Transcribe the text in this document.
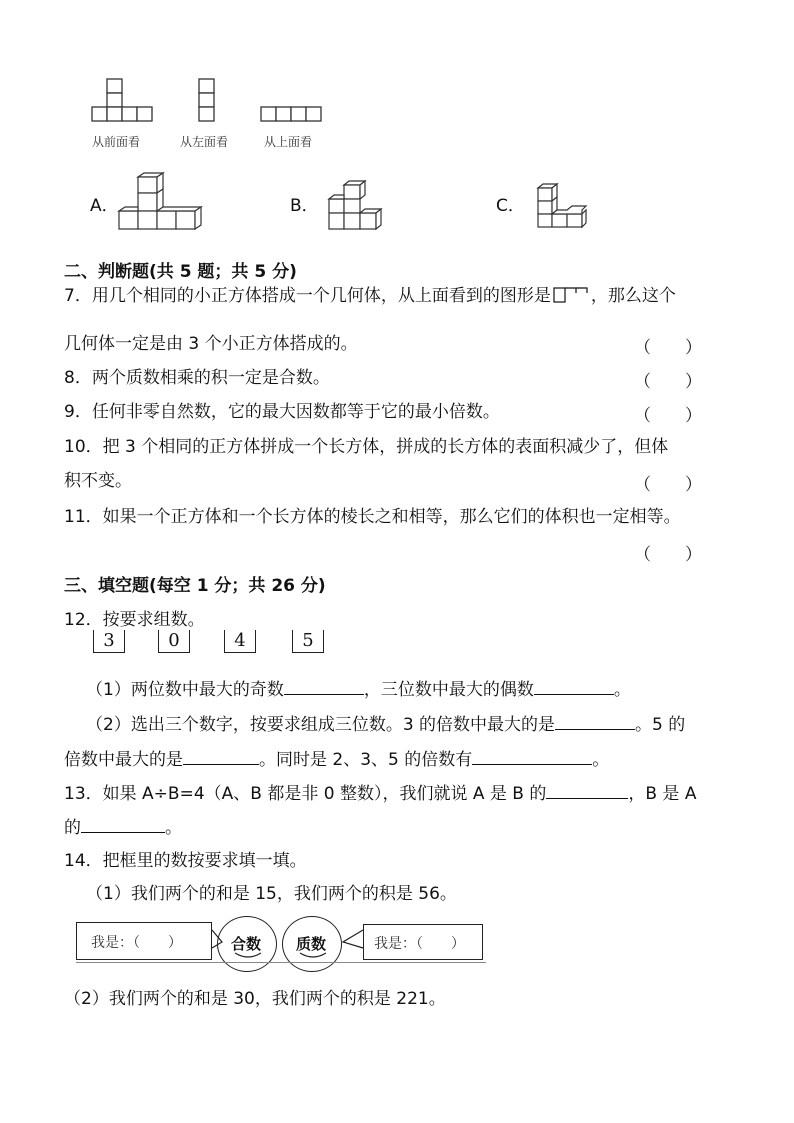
从前面看	从左面看	从上面看
A．	B．	C．
二、判断题(共 5 题；共 5 分)
7．用几个相同的小正方体搭成一个几何体，从上面看到的图形是 ，那么这个
几何体一定是由 3 个小正方体搭成的。	（　　）
8．两个质数相乘的积一定是合数。	（　　）
9．任何非零自然数，它的最大因数都等于它的最小倍数。	（　　）
10．把 3 个相同的正方体拼成一个长方体，拼成的长方体的表面积减少了，但体
积不变。	（　　）
11．如果一个正方体和一个长方体的棱长之和相等，那么它们的体积也一定相等。
（　　）
三、填空题(每空 1 分；共 26 分)
12．按要求组数。
3	0	4	5
（1）两位数中最大的奇数	，三位数中最大的偶数	。
（2）选出三个数字，按要求组成三位数。3 的倍数中最大的是	。5 的
倍数中最大的是	。同时是 2、3、5 的倍数有	。
13．如果 A÷B=4（A、B 都是非 0 整数），我们就说 A 是 B 的	，B 是 A
的	。
14．把框里的数按要求填一填。
（1）我们两个的和是 15，我们两个的积是 56。
我是：（　　）	合数 质数	我是：（　　）
（2）我们两个的和是 30，我们两个的积是 221。
